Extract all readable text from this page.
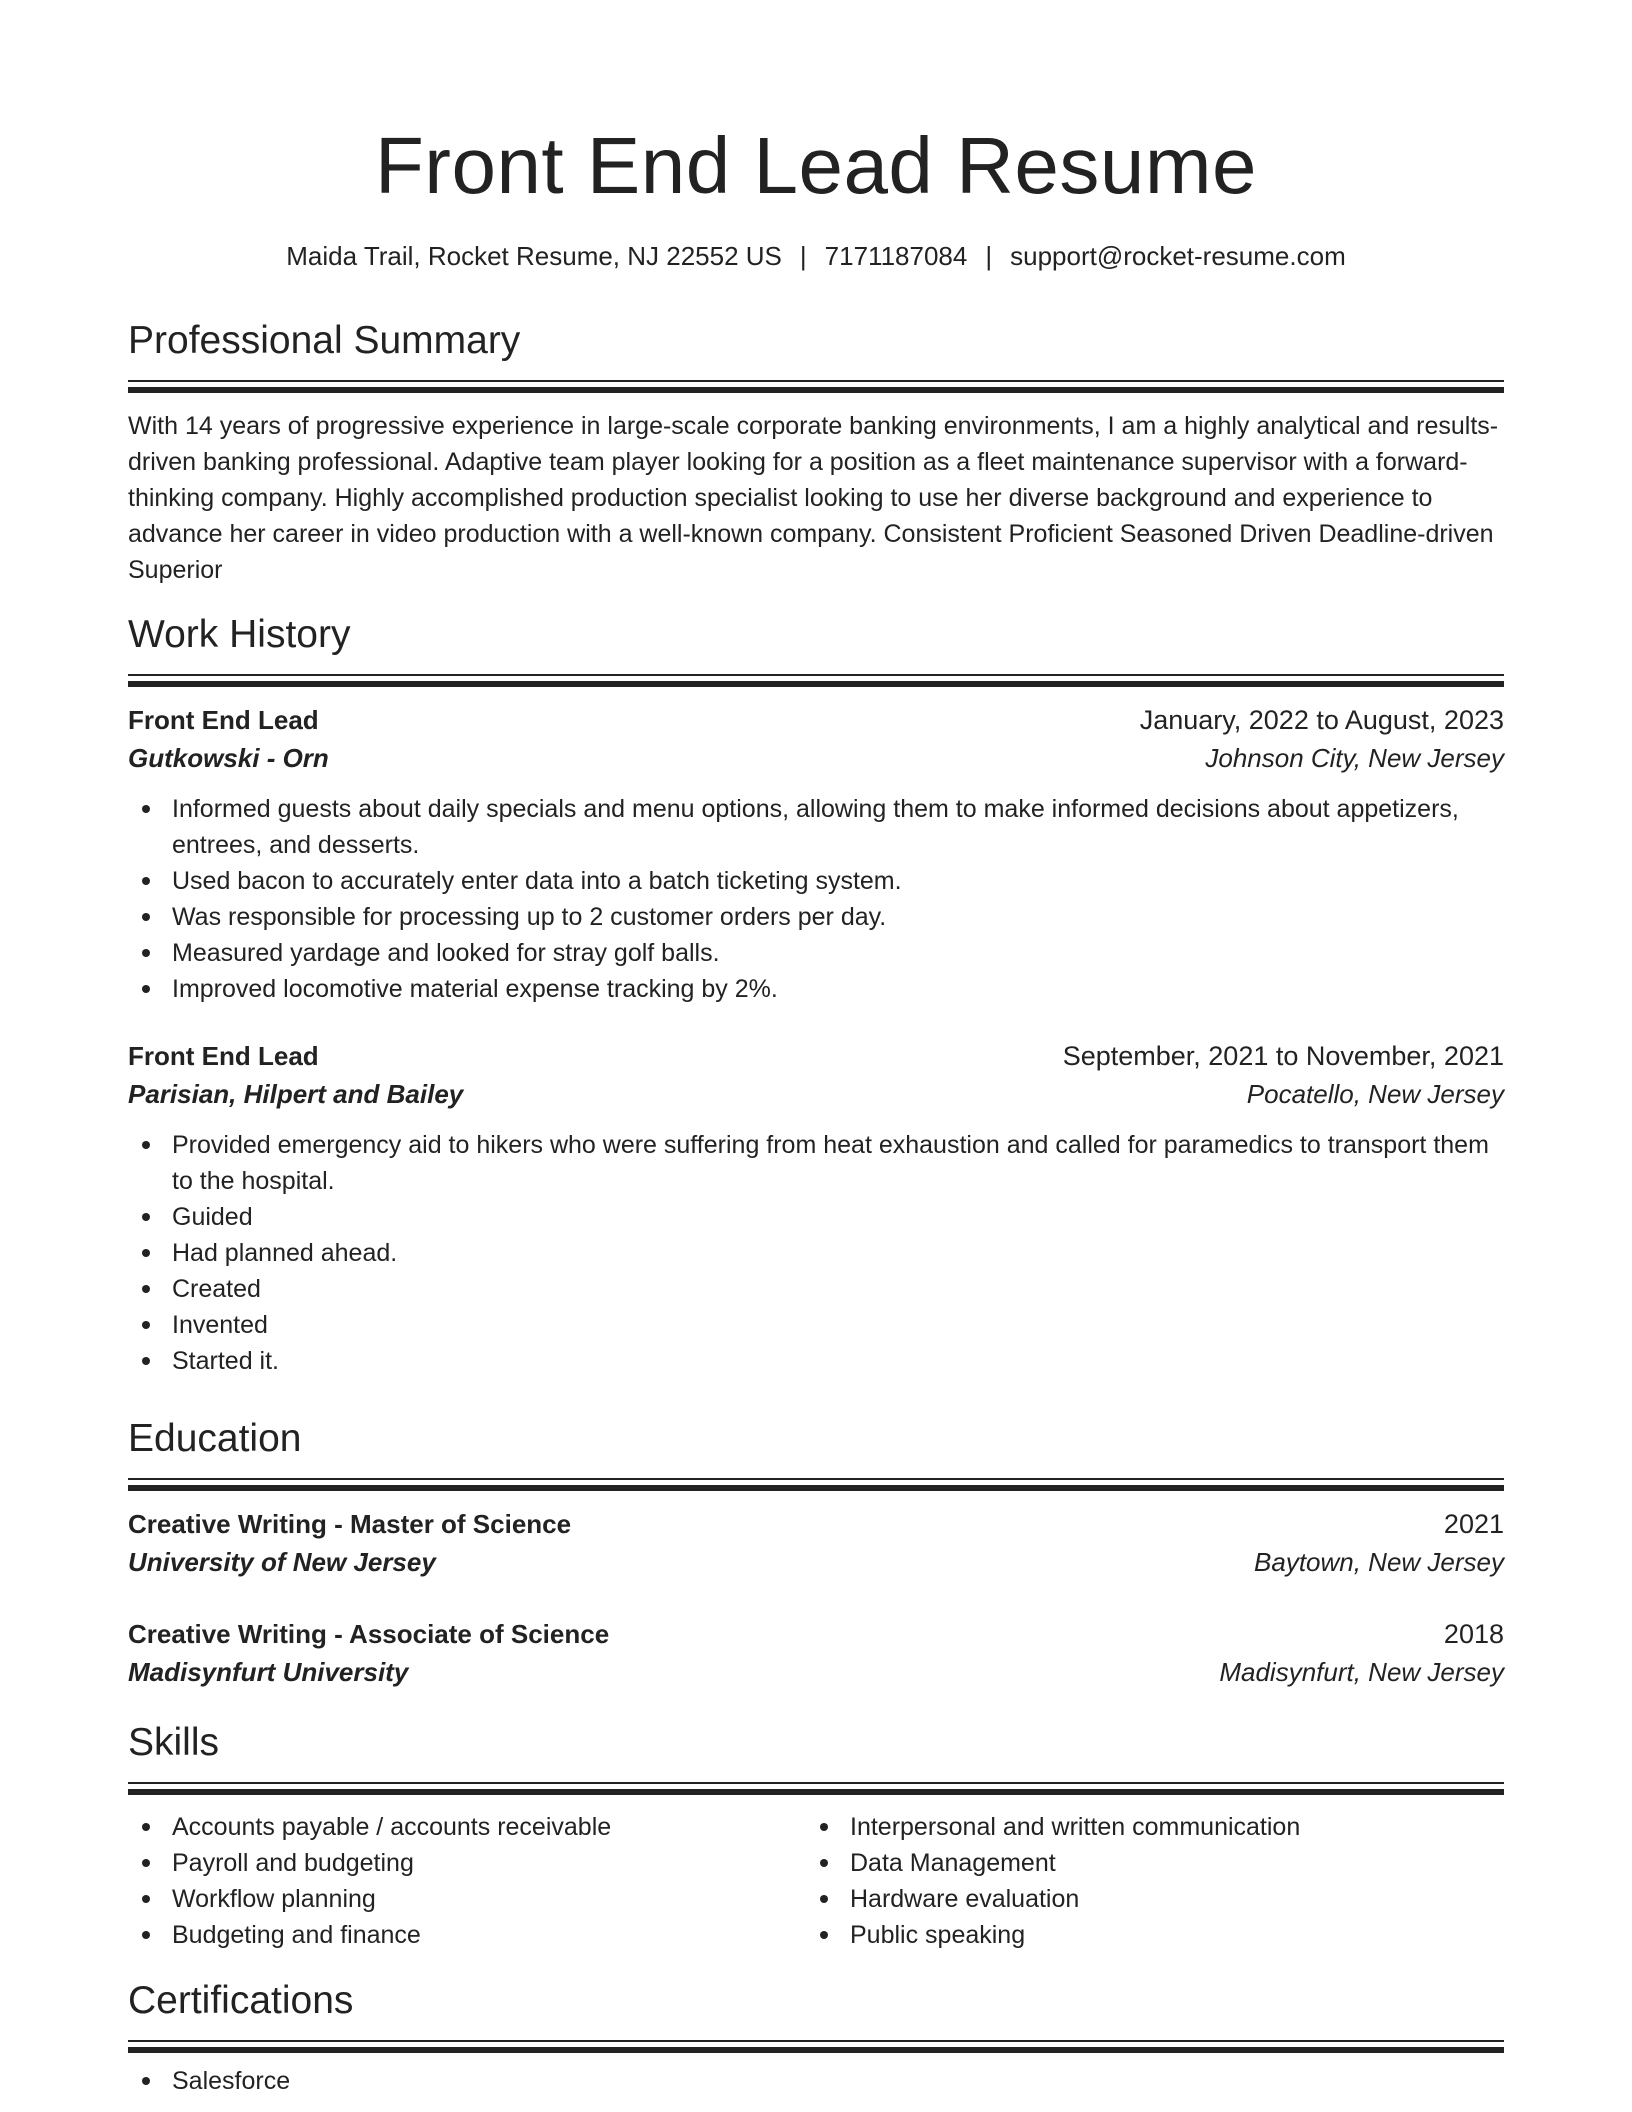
Front End Lead Resume
Maida Trail, Rocket Resume, NJ 22552 US | 7171187084 | support@rocket-resume.com
Professional Summary

With 14 years of progressive experience in large-scale corporate banking environments, I am a highly analytical and results-driven banking professional. Adaptive team player looking for a position as a fleet maintenance supervisor with a forward-thinking company. Highly accomplished production specialist looking to use her diverse background and experience to advance her career in video production with a well-known company. Consistent Proficient Seasoned Driven Deadline-driven Superior

Work History
Front End Lead	January, 2022 to August, 2023
Gutkowski - Orn	Johnson City, New Jersey
Informed guests about daily specials and menu options, allowing them to make informed decisions about appetizers, entrees, and desserts.
Used bacon to accurately enter data into a batch ticketing system.
Was responsible for processing up to 2 customer orders per day.
Measured yardage and looked for stray golf balls.
Improved locomotive material expense tracking by 2%.
Front End Lead	September, 2021 to November, 2021
Parisian, Hilpert and Bailey	Pocatello, New Jersey
Provided emergency aid to hikers who were suffering from heat exhaustion and called for paramedics to transport them to the hospital.
Guided
Had planned ahead.
Created
Invented
Started it.
Education
Creative Writing - Master of Science	2021
University of New Jersey	Baytown, New Jersey
Creative Writing - Associate of Science	2018
Madisynfurt University	Madisynfurt, New Jersey
Skills
Accounts payable / accounts receivable
Payroll and budgeting
Workflow planning
Budgeting and finance
Interpersonal and written communication
Data Management
Hardware evaluation
Public speaking
Certifications
Salesforce
